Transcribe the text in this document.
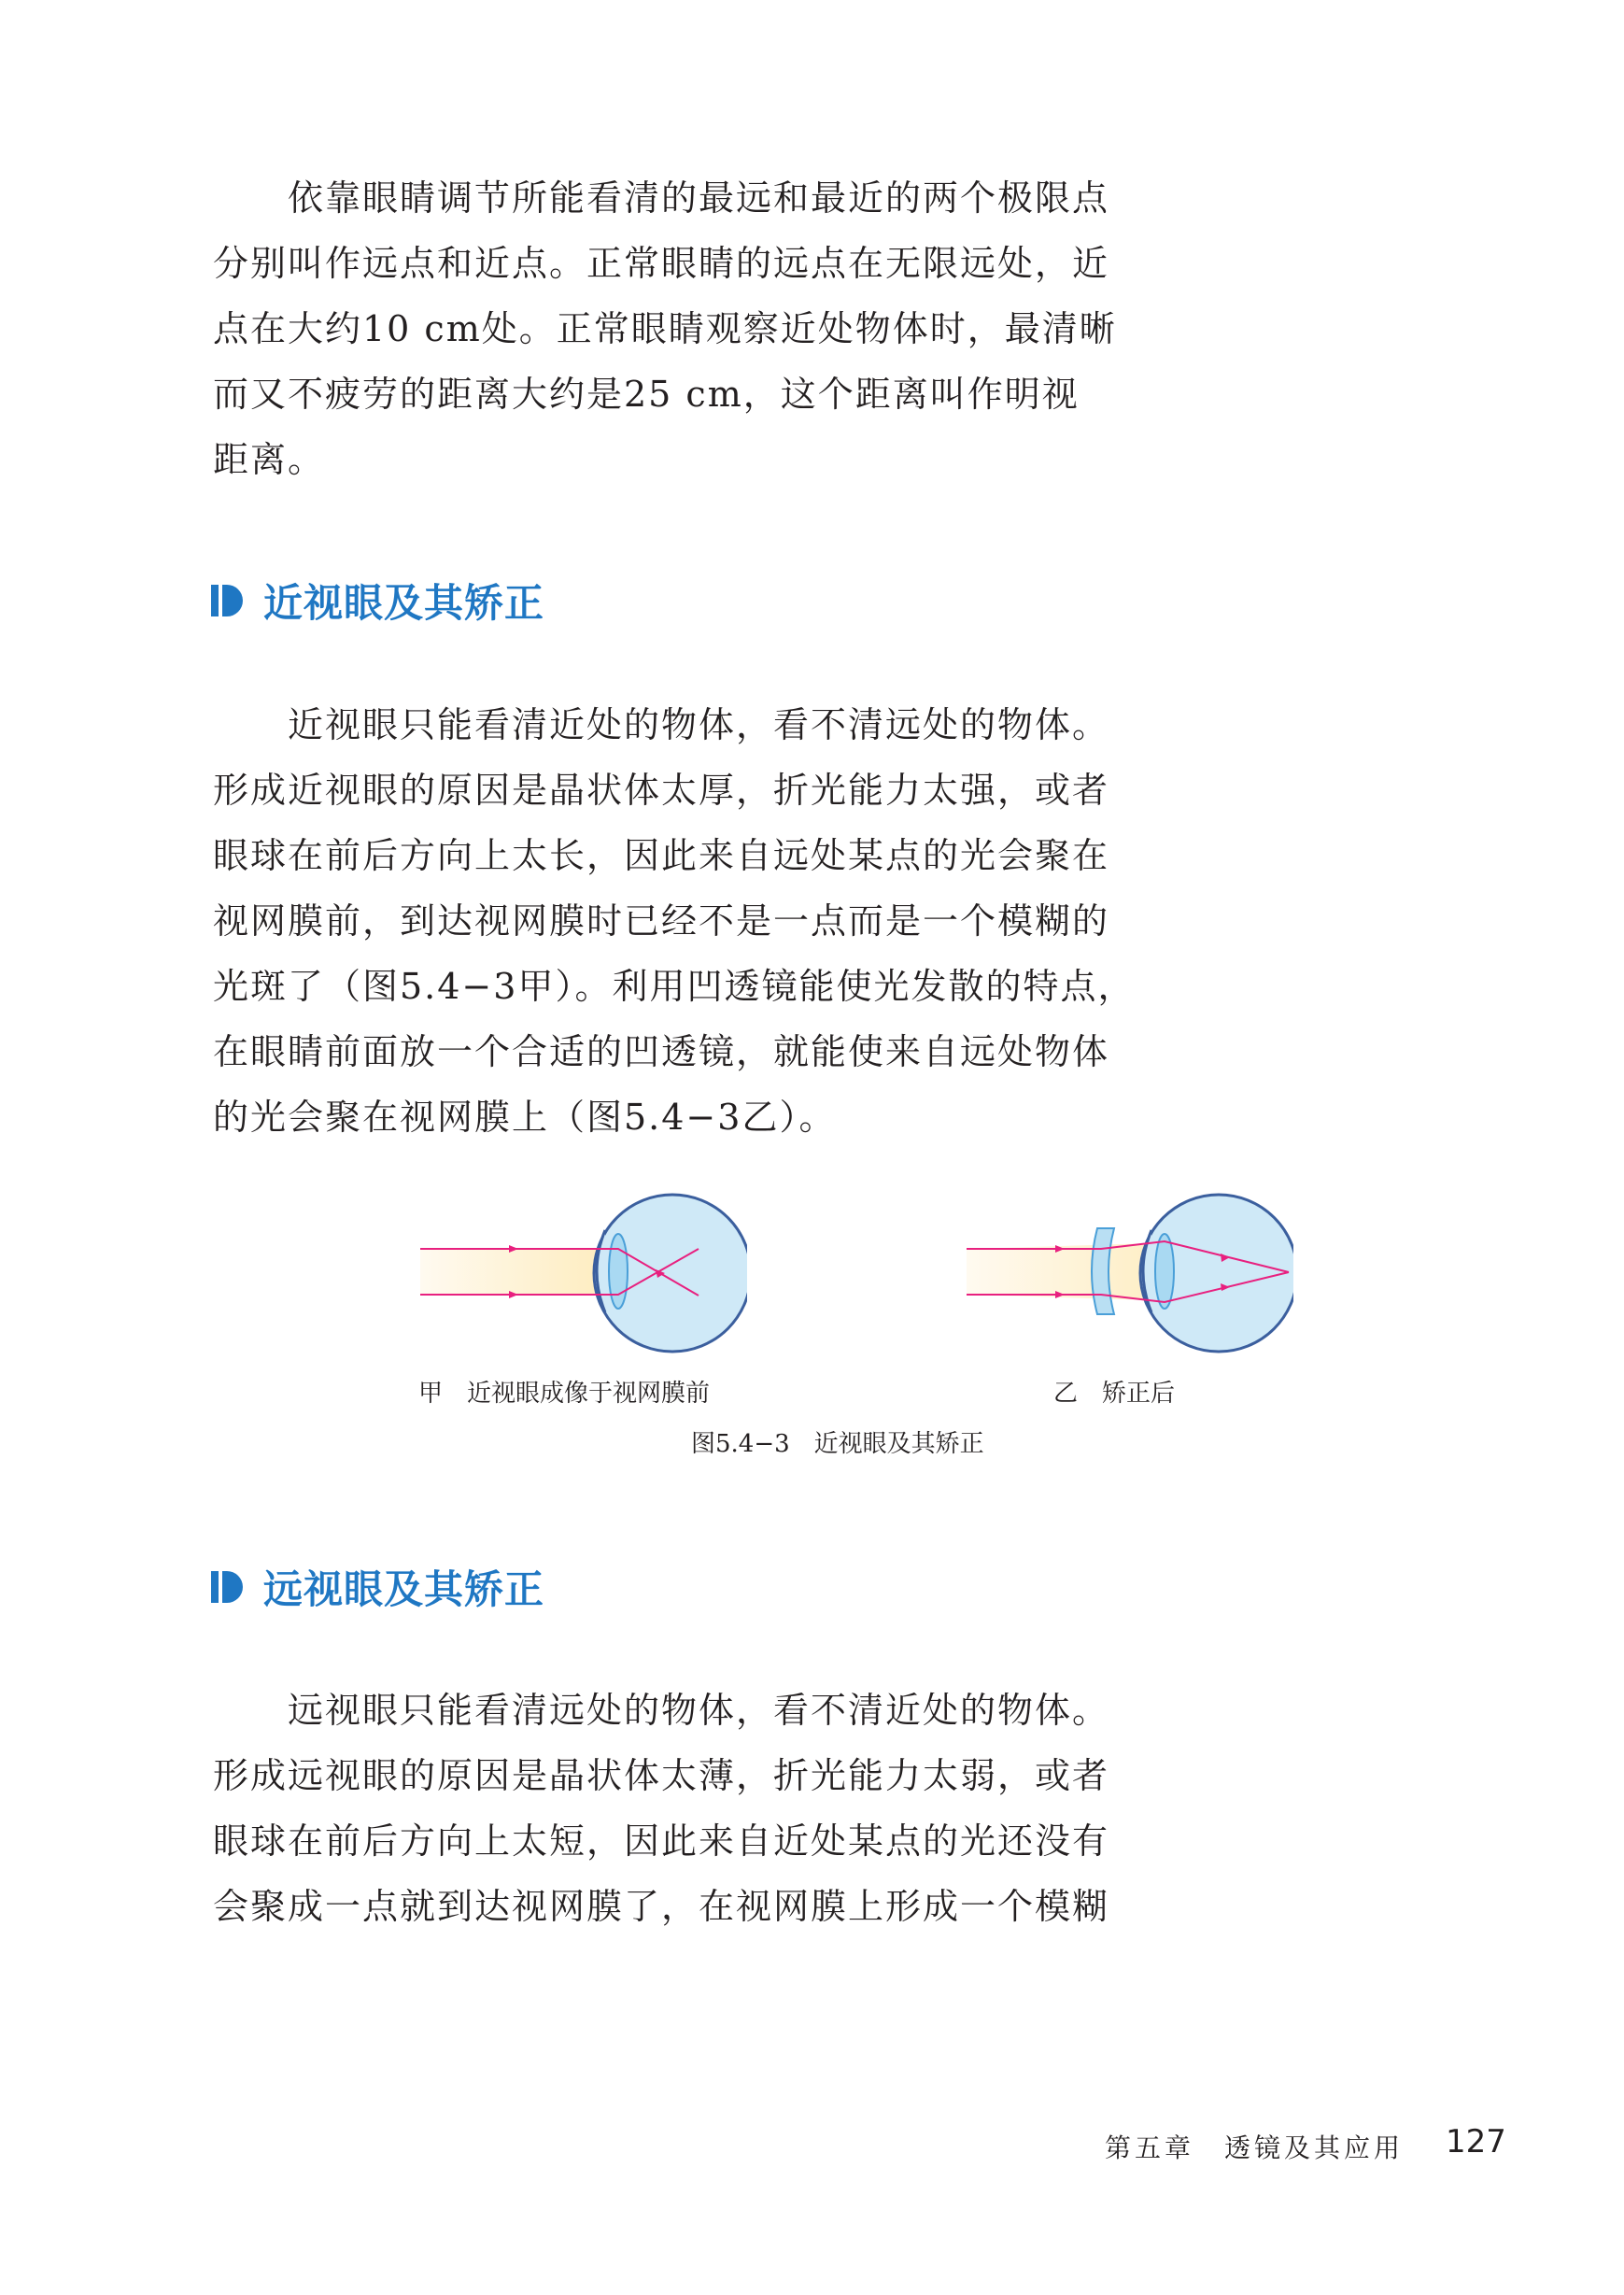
　　依靠眼睛调节所能看清的最远和最近的两个极限点
分别叫作远点和近点。正常眼睛的远点在无限远处，近
点在大约10 cm处。正常眼睛观察近处物体时，最清晰
而又不疲劳的距离大约是25 cm，这个距离叫作明视
距离。
近视眼及其矫正
　　近视眼只能看清近处的物体，看不清远处的物体。
形成近视眼的原因是晶状体太厚，折光能力太强，或者
眼球在前后方向上太长，因此来自远处某点的光会聚在
视网膜前，到达视网膜时已经不是一点而是一个模糊的
光斑了（图5.4−3甲）。利用凹透镜能使光发散的特点，
在眼睛前面放一个合适的凹透镜，就能使来自远处物体
的光会聚在视网膜上（图5.4−3乙）。
甲　近视眼成像于视网膜前	乙　矫正后
图5.4−3　近视眼及其矫正
远视眼及其矫正
　　远视眼只能看清远处的物体，看不清近处的物体。
形成远视眼的原因是晶状体太薄，折光能力太弱，或者
眼球在前后方向上太短，因此来自近处某点的光还没有
会聚成一点就到达视网膜了，在视网膜上形成一个模糊
第五章　透镜及其应用 127
